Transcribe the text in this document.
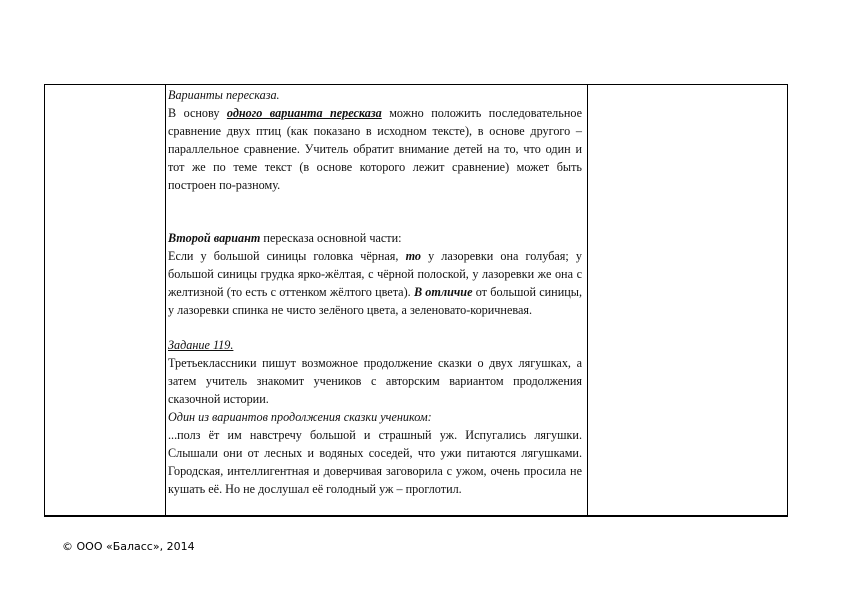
Варианты пересказа.

В основу одного варианта пересказа можно положить последовательное сравнение двух птиц (как показано в исходном тексте), в основе другого – параллельное сравнение. Учитель обратит внимание детей на то, что один и тот же по теме текст (в основе которого лежит сравнение) может быть построен по-разному.

Второй вариант пересказа основной части:

Если у большой синицы головка чёрная, то у лазоревки она голубая; у большой синицы грудка ярко-жёлтая, с чёрной полоской, у лазоревки же она с желтизной (то есть с оттенком жёлтого цвета). В отличие от большой синицы, у лазоревки спинка не чисто зелёного цвета, а зеленовато-коричневая.

Задание 119.

Третьеклассники пишут возможное продолжение сказки о двух лягушках, а затем учитель знакомит учеников с авторским вариантом продолжения сказочной истории.

Один из вариантов продолжения сказки учеником:

...полз ёт им навстречу большой и страшный уж. Испугались лягушки. Слышали они от лесных и водяных соседей, что ужи питаются лягушками. Городская, интеллигентная и доверчивая заговорила с ужом, очень просила не кушать её. Но не дослушал её голодный уж – проглотил.

© ООО «Баласс», 2014
